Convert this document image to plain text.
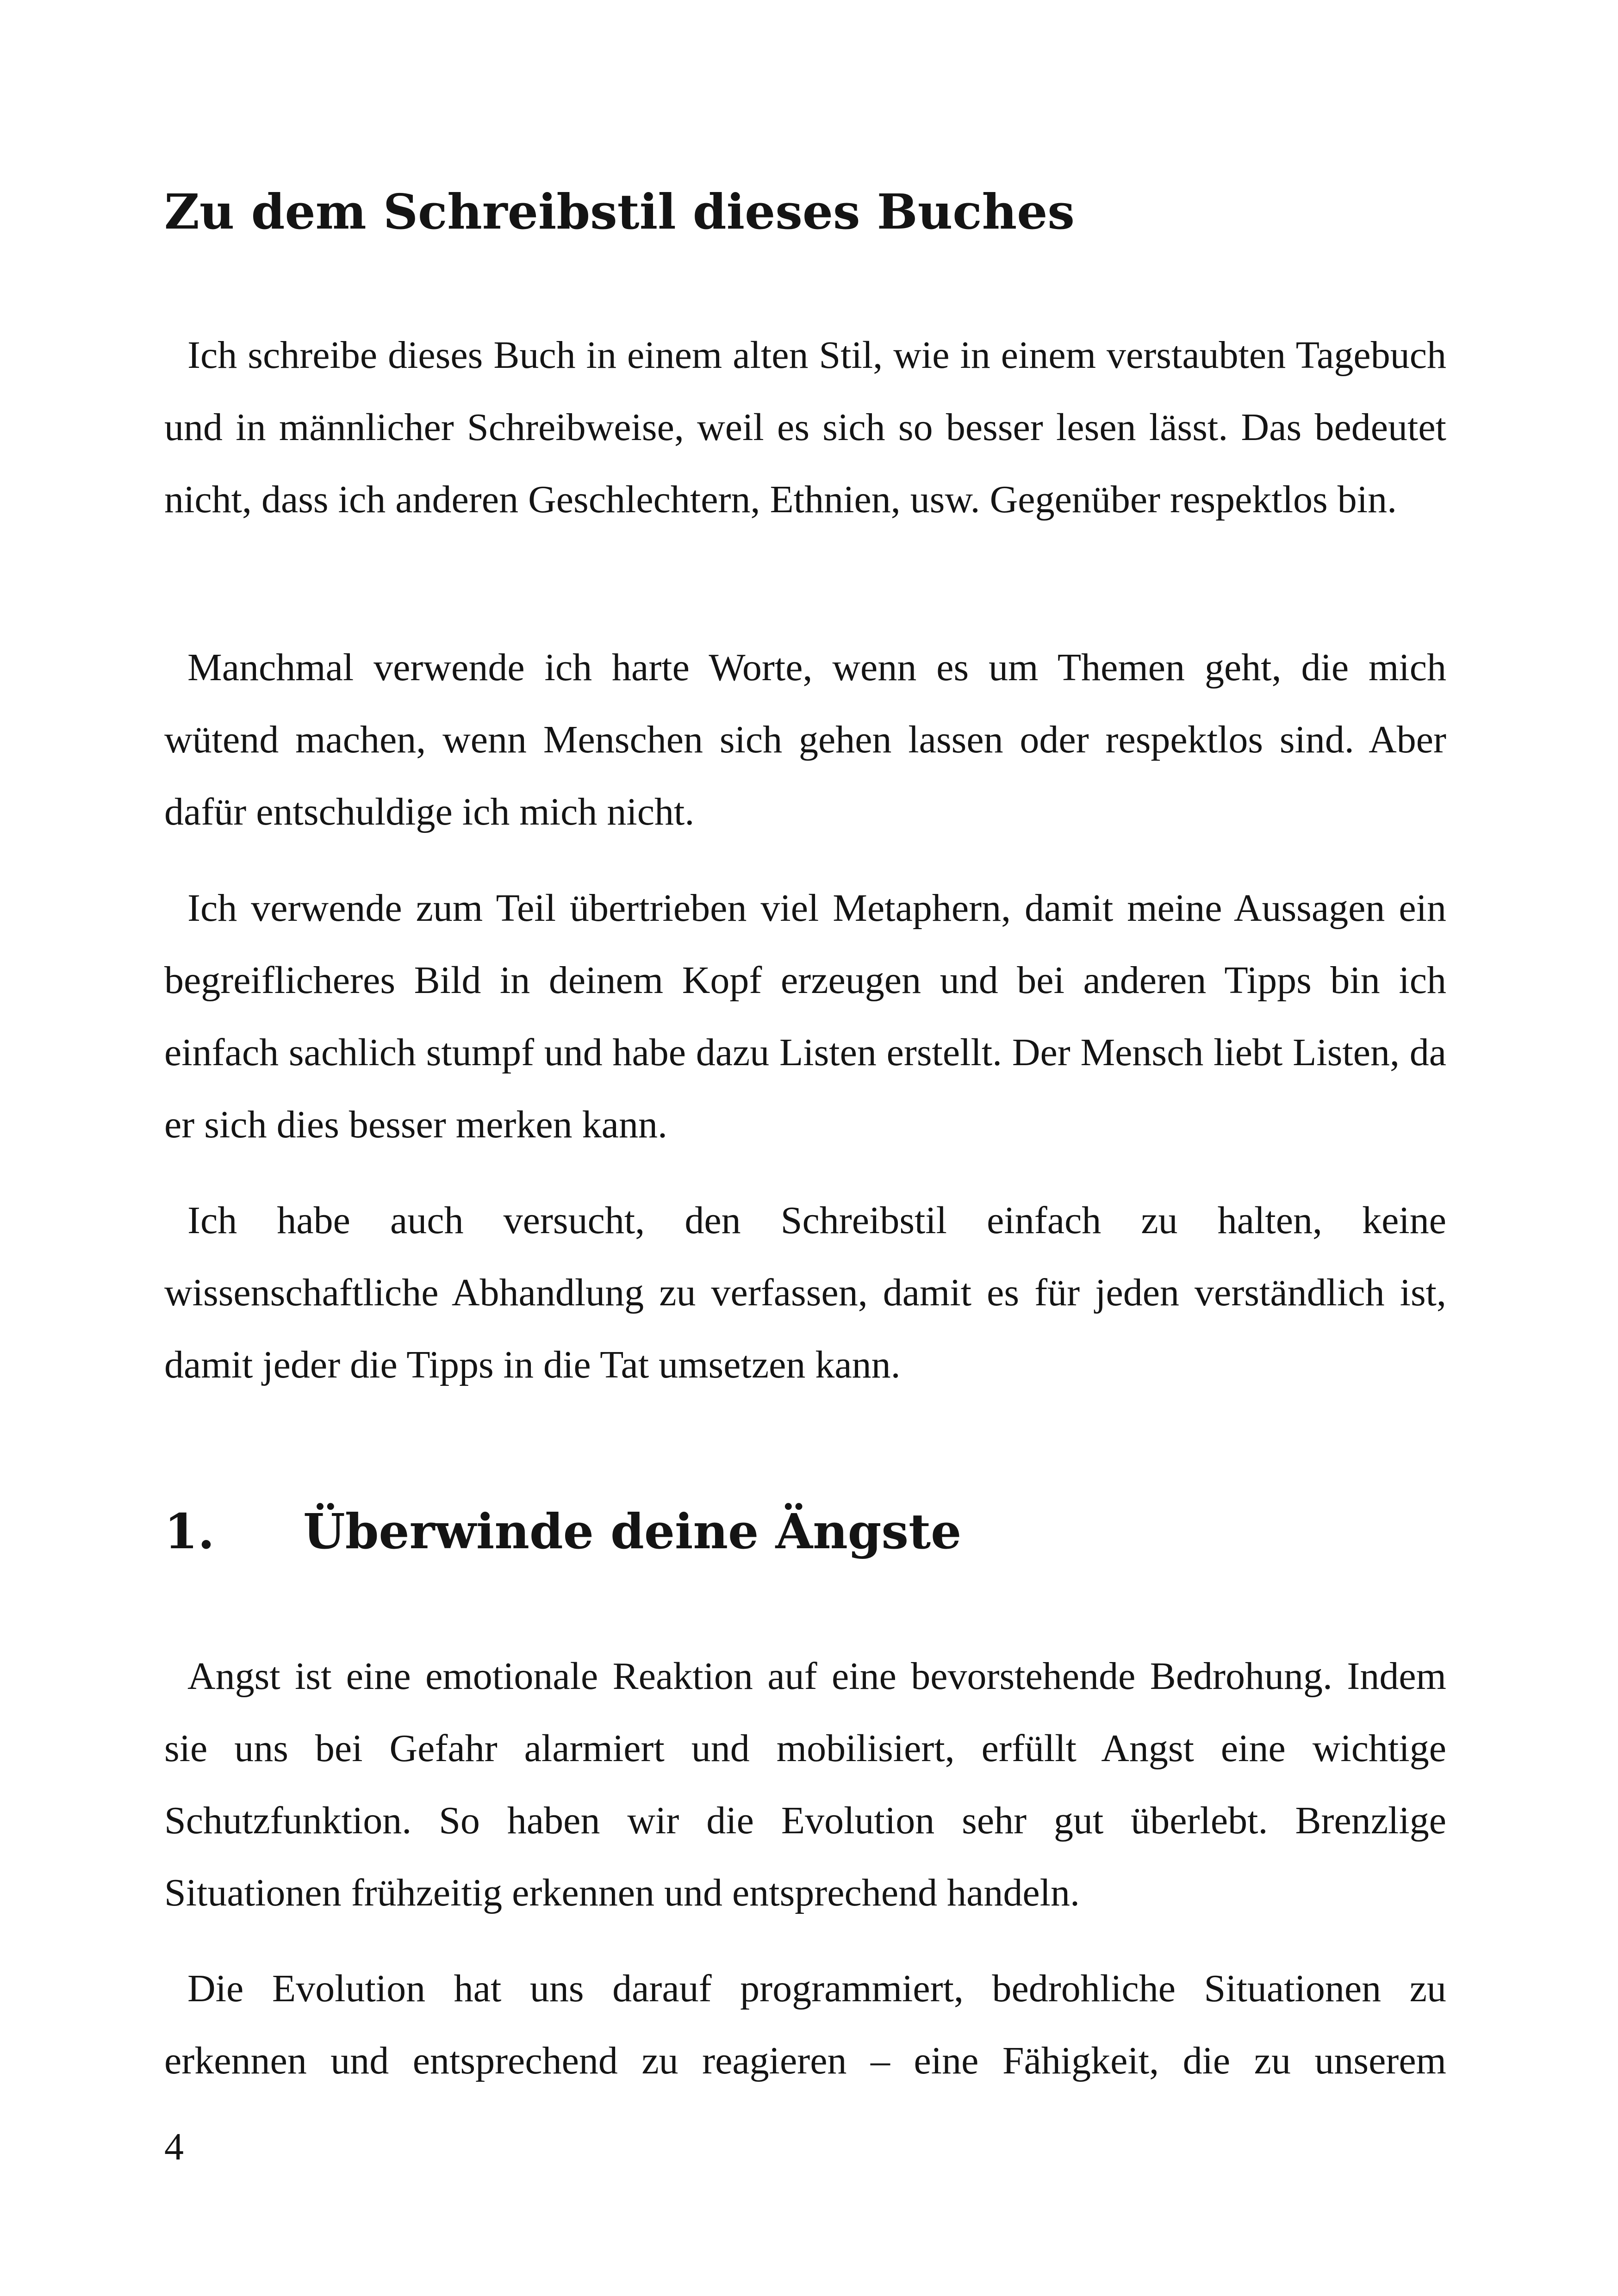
Zu dem Schreibstil dieses Buches

Ich schreibe dieses Buch in einem alten Stil, wie in einem verstaubten Tagebuch und in männlicher Schreibweise, weil es sich so besser lesen lässt. Das bedeutet nicht, dass ich anderen Geschlechtern, Ethnien, usw. Gegenüber respektlos bin.

Manchmal verwende ich harte Worte, wenn es um Themen geht, die mich wütend machen, wenn Menschen sich gehen lassen oder respektlos sind. Aber dafür entschuldige ich mich nicht.

Ich verwende zum Teil übertrieben viel Metaphern, damit meine Aussagen ein begreiflicheres Bild in deinem Kopf erzeugen und bei anderen Tipps bin ich einfach sachlich stumpf und habe dazu Listen erstellt. Der Mensch liebt Listen, da er sich dies besser merken kann.

Ich habe auch versucht, den Schreibstil einfach zu halten, keine wissenschaftliche Abhandlung zu verfassen, damit es für jeden verständlich ist, damit jeder die Tipps in die Tat umsetzen kann.

1.	Überwinde deine Ängste

Angst ist eine emotionale Reaktion auf eine bevorstehende Bedrohung. Indem sie uns bei Gefahr alarmiert und mobilisiert, erfüllt Angst eine wichtige Schutzfunktion. So haben wir die Evolution sehr gut überlebt. Brenzlige Situationen frühzeitig erkennen und entsprechend handeln.

Die Evolution hat uns darauf programmiert, bedrohliche Situationen zu erkennen und entsprechend zu reagieren – eine Fähigkeit, die zu unserem

4
